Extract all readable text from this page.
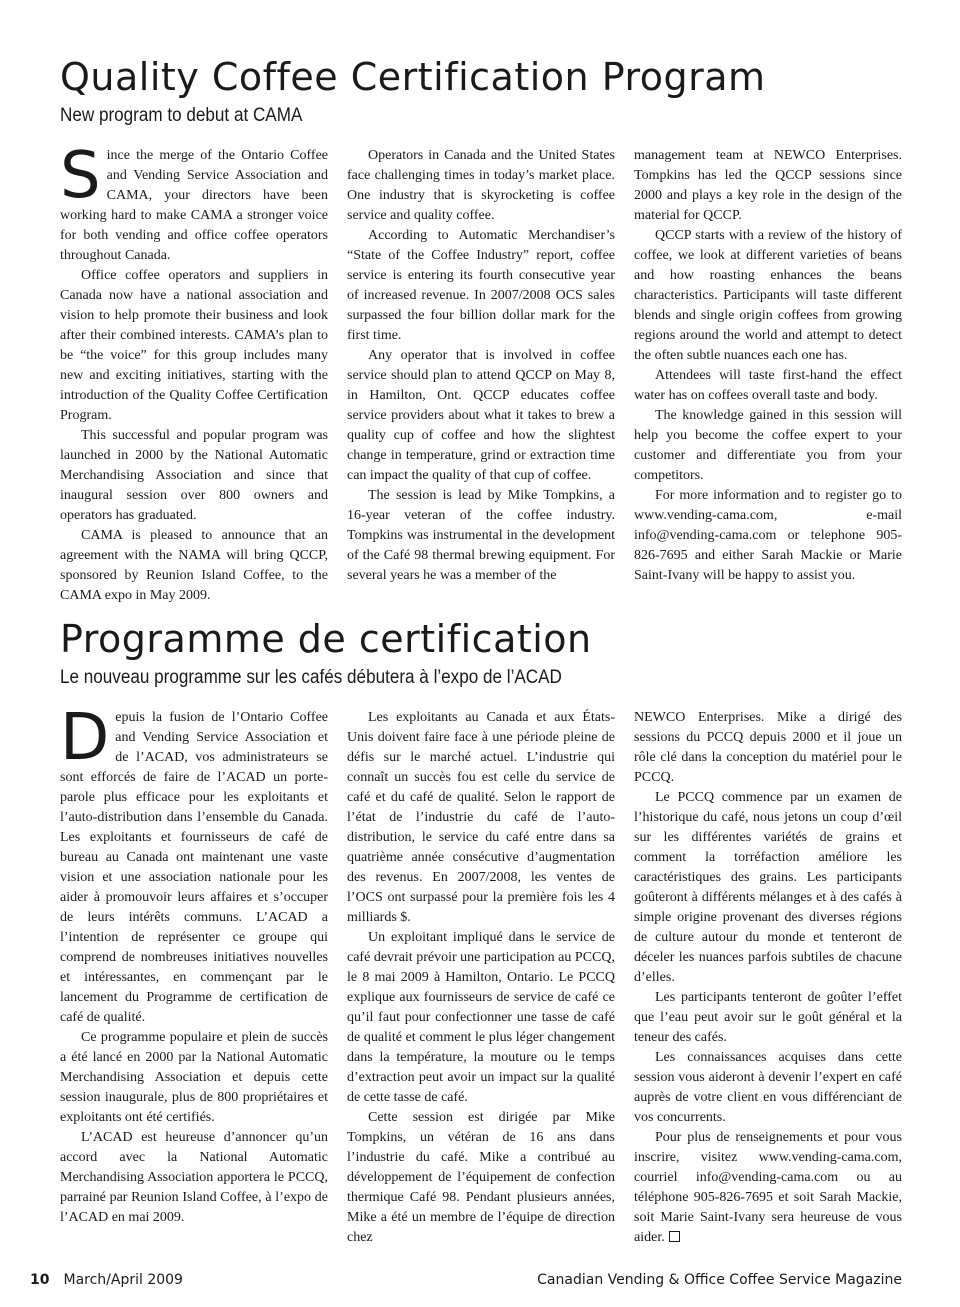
Quality Coffee Certification Program
New program to debut at CAMA

Since the merge of the Ontario Coffee and Vending Service Association and CAMA, your directors have been working hard to make CAMA a stronger voice for both vending and office coffee operators throughout Canada.

Office coffee operators and suppliers in Canada now have a national association and vision to help promote their business and look after their combined interests. CAMA’s plan to be “the voice” for this group includes many new and exciting initiatives, starting with the introduction of the Quality Coffee Certification Program.

This successful and popular program was launched in 2000 by the National Automatic Merchandising Association and since that inaugural session over 800 owners and operators has graduated.

CAMA is pleased to announce that an agreement with the NAMA will bring QCCP, sponsored by Reunion Island Coffee, to the CAMA expo in May 2009.

Operators in Canada and the United States face challenging times in today’s market place. One industry that is skyrocketing is coffee service and quality coffee.

According to Automatic Merchandiser’s “State of the Coffee Industry” report, coffee service is entering its fourth consecutive year of increased revenue. In 2007/2008 OCS sales surpassed the four billion dollar mark for the first time.

Any operator that is involved in coffee service should plan to attend QCCP on May 8, in Hamilton, Ont. QCCP educates coffee service providers about what it takes to brew a quality cup of coffee and how the slightest change in temperature, grind or extraction time can impact the quality of that cup of coffee.

The session is lead by Mike Tompkins, a 16-year veteran of the coffee industry. Tompkins was instrumental in the development of the Café 98 thermal brewing equipment. For several years he was a member of the

management team at NEWCO Enterprises. Tompkins has led the QCCP sessions since 2000 and plays a key role in the design of the material for QCCP.

QCCP starts with a review of the history of coffee, we look at different varieties of beans and how roasting enhances the beans characteristics. Participants will taste different blends and single origin coffees from growing regions around the world and attempt to detect the often subtle nuances each one has.

Attendees will taste first-hand the effect water has on coffees overall taste and body.

The knowledge gained in this session will help you become the coffee expert to your customer and differentiate you from your competitors.

For more information and to register go to www.vending-cama.com, e-mail info@vending-cama.com or telephone 905-826-7695 and either Sarah Mackie or Marie Saint-Ivany will be happy to assist you.

Programme de certification
Le nouveau programme sur les cafés débutera à l’expo de l’ACAD

Depuis la fusion de l’Ontario Coffee and Vending Service Association et de l’ACAD, vos administrateurs se sont efforcés de faire de l’ACAD un porte-parole plus efficace pour les exploitants et l’auto-distribution dans l’ensemble du Canada. Les exploitants et fournisseurs de café de bureau au Canada ont maintenant une vaste vision et une association nationale pour les aider à promouvoir leurs affaires et s’occuper de leurs intérêts communs. L’ACAD a l’intention de représenter ce groupe qui comprend de nombreuses initiatives nouvelles et intéressantes, en commençant par le lancement du Programme de certification de café de qualité.

Ce programme populaire et plein de succès a été lancé en 2000 par la National Automatic Merchandising Association et depuis cette session inaugurale, plus de 800 propriétaires et exploitants ont été certifiés.

L’ACAD est heureuse d’annoncer qu’un accord avec la National Automatic Merchandising Association apportera le PCCQ, parrainé par Reunion Island Coffee, à l’expo de l’ACAD en mai 2009.

Les exploitants au Canada et aux États-Unis doivent faire face à une période pleine de défis sur le marché actuel. L’industrie qui connaît un succès fou est celle du service de café et du café de qualité. Selon le rapport de l’état de l’industrie du café de l’auto-distribution, le service du café entre dans sa quatrième année consécutive d’augmentation des revenus. En 2007/2008, les ventes de l’OCS ont surpassé pour la première fois les 4 milliards $.

Un exploitant impliqué dans le service de café devrait prévoir une participation au PCCQ, le 8 mai 2009 à Hamilton, Ontario. Le PCCQ explique aux fournisseurs de service de café ce qu’il faut pour confectionner une tasse de café de qualité et comment le plus léger changement dans la température, la mouture ou le temps d’extraction peut avoir un impact sur la qualité de cette tasse de café.

Cette session est dirigée par Mike Tompkins, un vétéran de 16 ans dans l’industrie du café. Mike a contribué au développement de l’équipement de confection thermique Café 98. Pendant plusieurs années, Mike a été un membre de l’équipe de direction chez

NEWCO Enterprises. Mike a dirigé des sessions du PCCQ depuis 2000 et il joue un rôle clé dans la conception du matériel pour le PCCQ.

Le PCCQ commence par un examen de l’historique du café, nous jetons un coup d’œil sur les différentes variétés de grains et comment la torréfaction améliore les caractéristiques des grains. Les participants goûteront à différents mélanges et à des cafés à simple origine provenant des diverses régions de culture autour du monde et tenteront de déceler les nuances parfois subtiles de chacune d’elles.

Les participants tenteront de goûter l’effet que l’eau peut avoir sur le goût général et la teneur des cafés.

Les connaissances acquises dans cette session vous aideront à devenir l’expert en café auprès de votre client en vous différenciant de vos concurrents.

Pour plus de renseignements et pour vous inscrire, visitez www.vending-cama.com, courriel info@vending-cama.com ou au téléphone 905-826-7695 et soit Sarah Mackie, soit Marie Saint-Ivany sera heureuse de vous aider.

10 March/April 2009	Canadian Vending & Office Coffee Service Magazine
